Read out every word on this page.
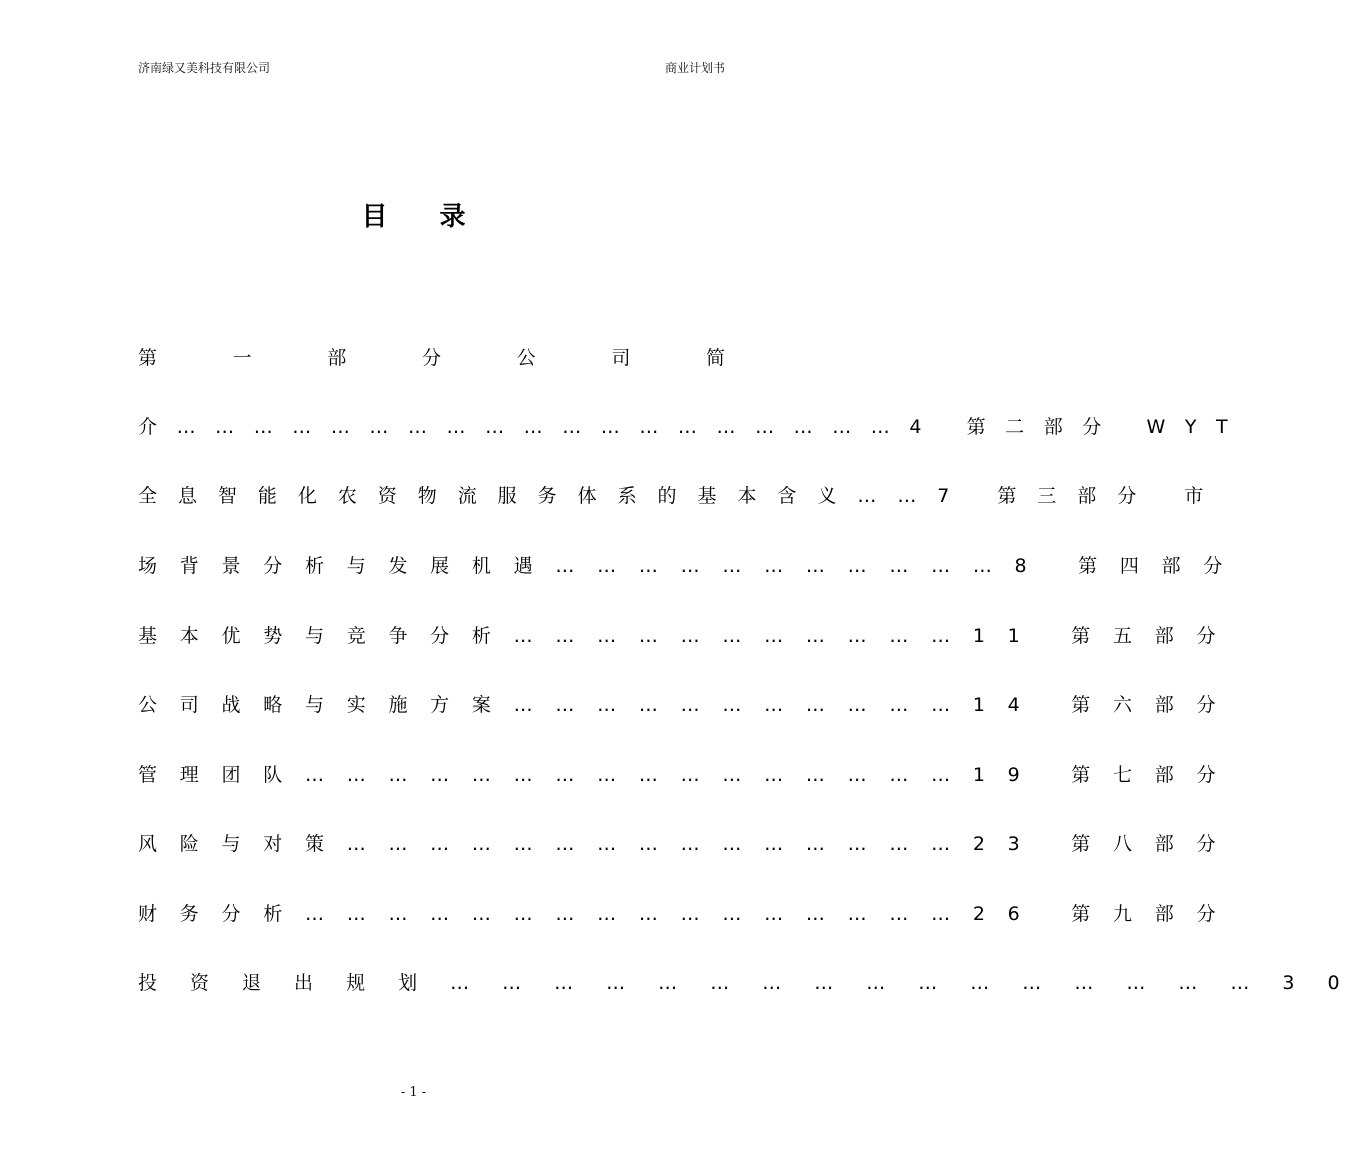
济南绿又美科技有限公司	商业计划书
目录
第 一 部 分 公 司 简
介…………………………………………………4 第二部分 WYT
全息智能化农资物流服务体系的基本含义……7 第三部分 市
场背景分析与发展机遇……………………………8 第四部分
基本优势与竞争分析……………………………11 第五部分
公司战略与实施方案……………………………14 第六部分
管理团队…………………………………………19 第七部分
风险与对策………………………………………23 第八部分
财务分析…………………………………………26 第九部分
投 资 退 出 规 划 … … … … … … … … … … … … … … … … 3 0
- 1 -
